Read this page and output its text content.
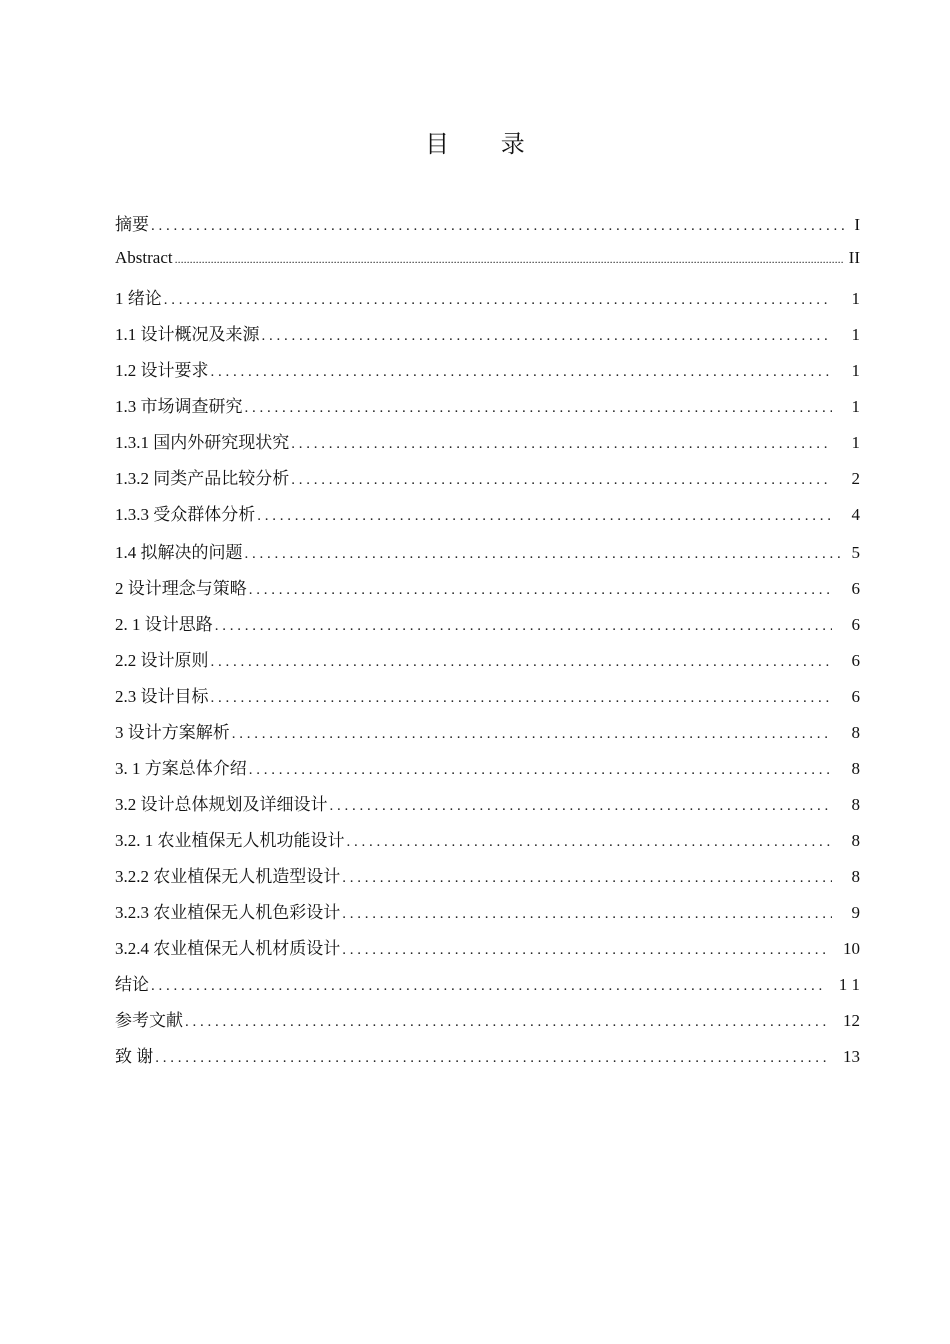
目 录
摘要 . . .	I
Abstract .....	II
1 绪论 . . .	1
1.1 设计概况及来源 . . .	1
1.2 设计要求 . . .	1
1.3 市场调查研究 . . .	1
1.3.1 国内外研究现状究 . . .	1
1.3.2 同类产品比较分析 . . .	2
1.3.3 受众群体分析 . . .	4
1.4 拟解决的问题 . . .	5
2 设计理念与策略 . . .	6
2. 1 设计思路 . . .	6
2.2 设计原则 . . .	6
2.3 设计目标 . . .	6
3 设计方案解析 . . .	8
3. 1 方案总体介绍 . . .	8
3.2 设计总体规划及详细设计 . . .	8
3.2. 1 农业植保无人机功能设计 . . .	8
3.2.2 农业植保无人机造型设计 . . .	8
3.2.3 农业植保无人机色彩设计 . . .	9
3.2.4 农业植保无人机材质设计 . . .	10
结论 . . .	1 1
参考文献 . . .	12
致 谢 . . .	13
